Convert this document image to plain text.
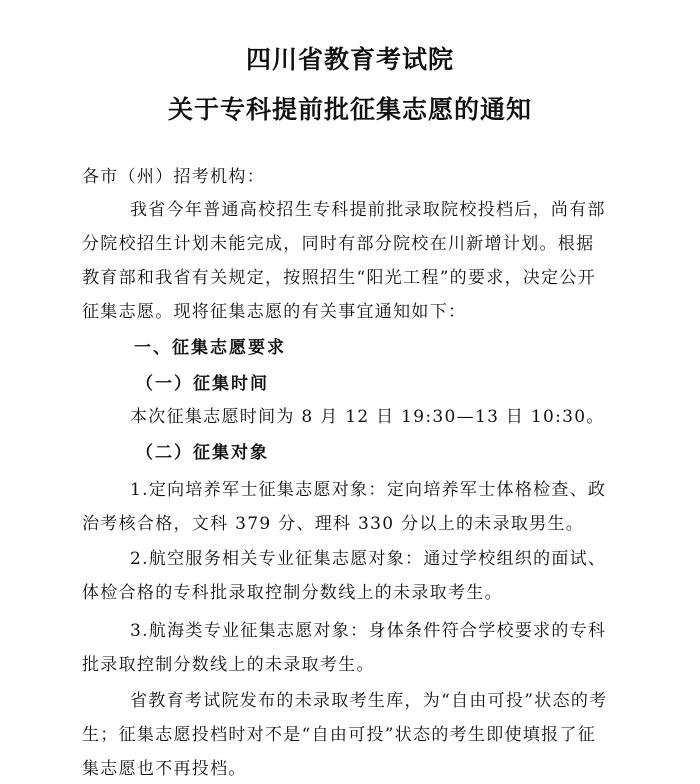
四川省教育考试院
关于专科提前批征集志愿的通知
各市（州）招考机构：
我省今年普通高校招生专科提前批录取院校投档后，尚有部
分院校招生计划未能完成，同时有部分院校在川新增计划。根据
教育部和我省有关规定，按照招生“阳光工程”的要求，决定公开
征集志愿。现将征集志愿的有关事宜通知如下：
一、征集志愿要求
（一）征集时间
本次征集志愿时间为 8 月 12 日 19:30—13 日 10:30。
（二）征集对象
1.定向培养军士征集志愿对象：定向培养军士体格检查、政
治考核合格，文科 379 分、理科 330 分以上的未录取男生。
2.航空服务相关专业征集志愿对象：通过学校组织的面试、
体检合格的专科批录取控制分数线上的未录取考生。
3.航海类专业征集志愿对象：身体条件符合学校要求的专科
批录取控制分数线上的未录取考生。
省教育考试院发布的未录取考生库，为“自由可投”状态的考
生；征集志愿投档时对不是“自由可投”状态的考生即使填报了征
集志愿也不再投档。
